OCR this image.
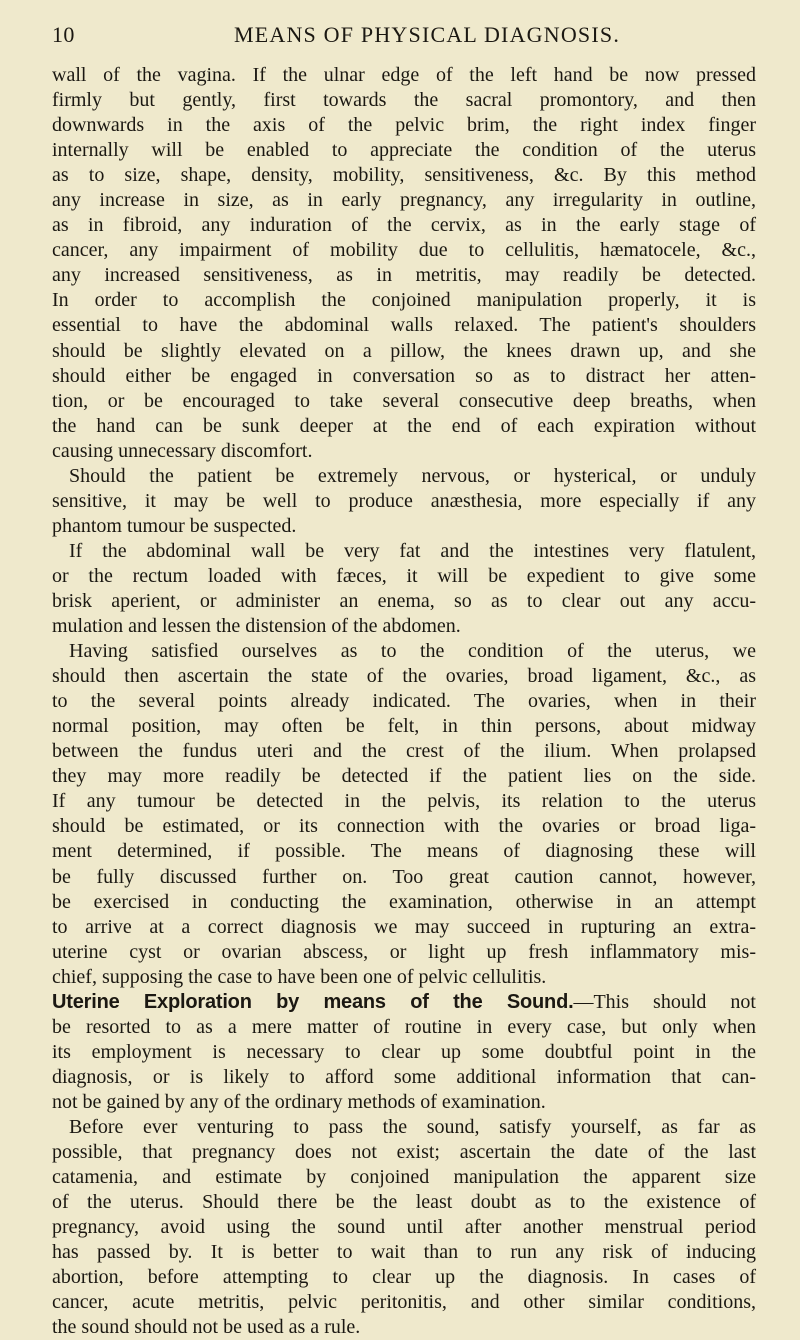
10	MEANS OF PHYSICAL DIAGNOSIS.
wall of the vagina. If the ulnar edge of the left hand be now pressed
firmly but gently, first towards the sacral promontory, and then
downwards in the axis of the pelvic brim, the right index finger
internally will be enabled to appreciate the condition of the uterus
as to size, shape, density, mobility, sensitiveness, &c. By this method
any increase in size, as in early pregnancy, any irregularity in outline,
as in fibroid, any induration of the cervix, as in the early stage of
cancer, any impairment of mobility due to cellulitis, hæmatocele, &c.,
any increased sensitiveness, as in metritis, may readily be detected.
In order to accomplish the conjoined manipulation properly, it is
essential to have the abdominal walls relaxed. The patient's shoulders
should be slightly elevated on a pillow, the knees drawn up, and she
should either be engaged in conversation so as to distract her atten-
tion, or be encouraged to take several consecutive deep breaths, when
the hand can be sunk deeper at the end of each expiration without
causing unnecessary discomfort.
Should the patient be extremely nervous, or hysterical, or unduly
sensitive, it may be well to produce anæsthesia, more especially if any
phantom tumour be suspected.
If the abdominal wall be very fat and the intestines very flatulent,
or the rectum loaded with fæces, it will be expedient to give some
brisk aperient, or administer an enema, so as to clear out any accu-
mulation and lessen the distension of the abdomen.
Having satisfied ourselves as to the condition of the uterus, we
should then ascertain the state of the ovaries, broad ligament, &c., as
to the several points already indicated. The ovaries, when in their
normal position, may often be felt, in thin persons, about midway
between the fundus uteri and the crest of the ilium. When prolapsed
they may more readily be detected if the patient lies on the side.
If any tumour be detected in the pelvis, its relation to the uterus
should be estimated, or its connection with the ovaries or broad liga-
ment determined, if possible. The means of diagnosing these will
be fully discussed further on. Too great caution cannot, however,
be exercised in conducting the examination, otherwise in an attempt
to arrive at a correct diagnosis we may succeed in rupturing an extra-
uterine cyst or ovarian abscess, or light up fresh inflammatory mis-
chief, supposing the case to have been one of pelvic cellulitis.
Uterine Exploration by means of the Sound.—This should not
be resorted to as a mere matter of routine in every case, but only when
its employment is necessary to clear up some doubtful point in the
diagnosis, or is likely to afford some additional information that can-
not be gained by any of the ordinary methods of examination.
Before ever venturing to pass the sound, satisfy yourself, as far as
possible, that pregnancy does not exist; ascertain the date of the last
catamenia, and estimate by conjoined manipulation the apparent size
of the uterus. Should there be the least doubt as to the existence of
pregnancy, avoid using the sound until after another menstrual period
has passed by. It is better to wait than to run any risk of inducing
abortion, before attempting to clear up the diagnosis. In cases of
cancer, acute metritis, pelvic peritonitis, and other similar conditions,
the sound should not be used as a rule.
